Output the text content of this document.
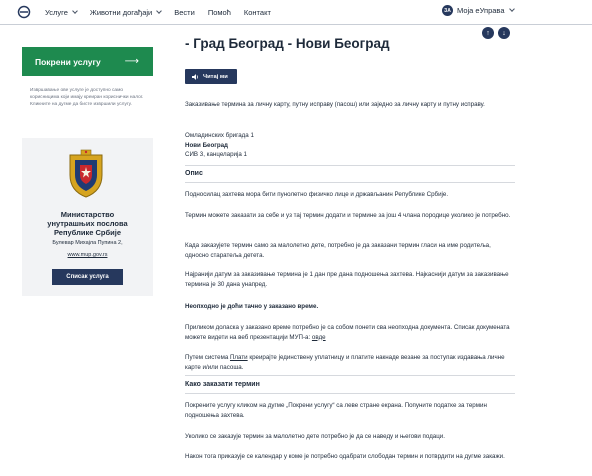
Услуге	Животни догађаји	Вести Помоћ Контакт	ЗА Моја еУправа
↑	↓
Покрени услугу ⟶
Извршавање ове услуге је доступно само корисницима који имају креиран кориснички налог. Кликните на дугме да бисте извршили услугу.
Министарство
унутрашњих послова
Републике Србије
Булевар Михајла Пупина 2,
www.mup.gov.rs
Списак услуга
- Град Београд - Нови Београд
Читај ми
Заказивање термина за личну карту, путну исправу (пасош) или заједно за личну карту и путну исправу.
Омладинских бригада 1
Нови Београд
СИВ 3, канцеларија 1
Опис
Подносилац захтева мора бити пунолетно физичко лице и држављанин Републике Србије.
Термин можете заказати за себе и уз тај термин додати и термине за још 4 члана породице уколико је потребно.
Када заказујете термин само за малолетно дете, потребно је да заказани термин гласи на име родитеља, односно старатеља детета.
Најранији датум за заказивање термина је 1 дан пре дана подношења захтева. Најкаснији датум за заказивање термина је 30 дана унапред.
Неопходно је доћи тачно у заказано време.
Приликом доласка у заказано време потребно је са собом понети сва неопходна документа. Списак докумената можете видети на веб презентацији МУП-а: овде
Путем система Плати креирајте јединствену уплатницу и платите накнаде везане за поступак издавања личне карте и/или пасоша.
Како заказати термин
Покрените услугу кликом на дугме „Покрени услугу“ са леве стране екрана. Попуните податке за термин подношења захтева.
Уколико се заказује термин за малолетно дете потребно је да се наведу и његови подаци.
Након тога приказује се календар у коме је потребно одабрати слободан термин и потврдити на дугме закажи.
